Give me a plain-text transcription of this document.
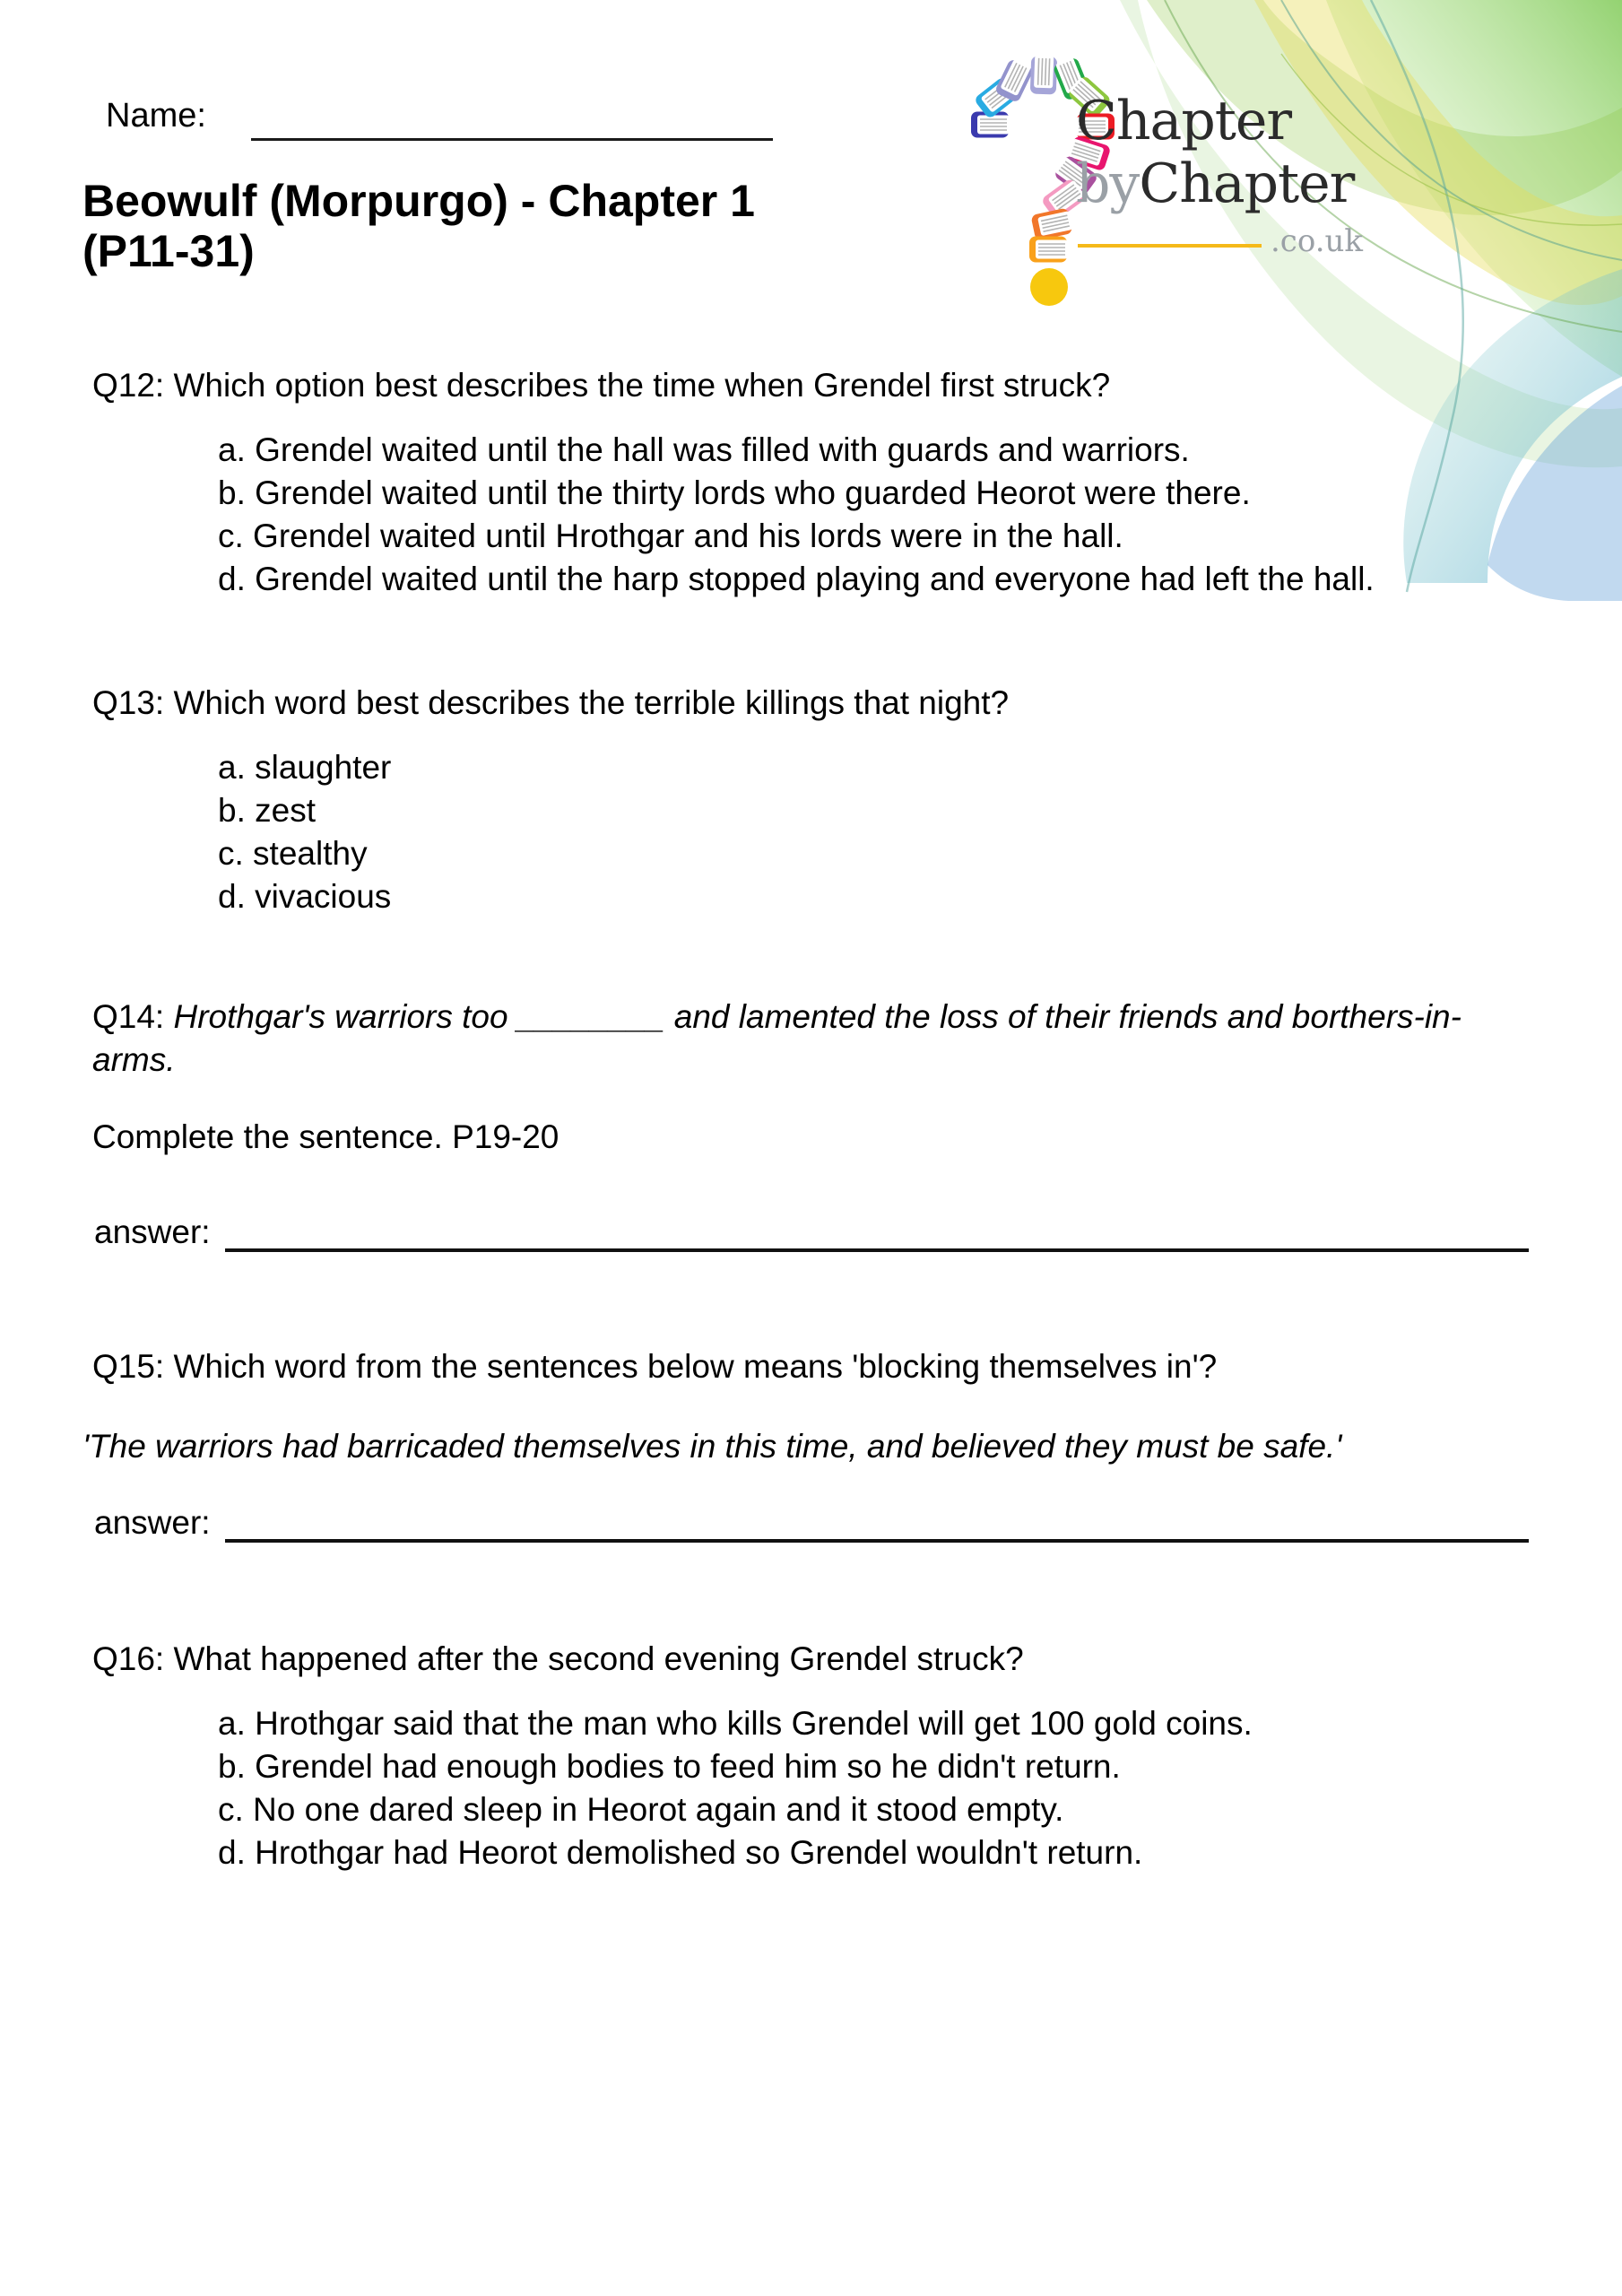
Chapter
byChapter
.co.uk
Name:
Beowulf (Morpurgo) - Chapter 1 (P11-31)
Q12: Which option best describes the time when Grendel first struck?
a. Grendel waited until the hall was filled with guards and warriors.
b. Grendel waited until the thirty lords who guarded Heorot were there.
c. Grendel waited until Hrothgar and his lords were in the hall.
d. Grendel waited until the harp stopped playing and everyone had left the hall.
Q13: Which word best describes the terrible killings that night?
a. slaughter
b. zest
c. stealthy
d. vivacious
Q14: Hrothgar's warriors too ________ and lamented the loss of their friends and borthers-in-arms.
Complete the sentence. P19-20
answer:
Q15: Which word from the sentences below means 'blocking themselves in'?
'The warriors had barricaded themselves in this time, and believed they must be safe.'
answer:
Q16: What happened after the second evening Grendel struck?
a. Hrothgar said that the man who kills Grendel will get 100 gold coins.
b. Grendel had enough bodies to feed him so he didn't return.
c. No one dared sleep in Heorot again and it stood empty.
d. Hrothgar had Heorot demolished so Grendel wouldn't return.
